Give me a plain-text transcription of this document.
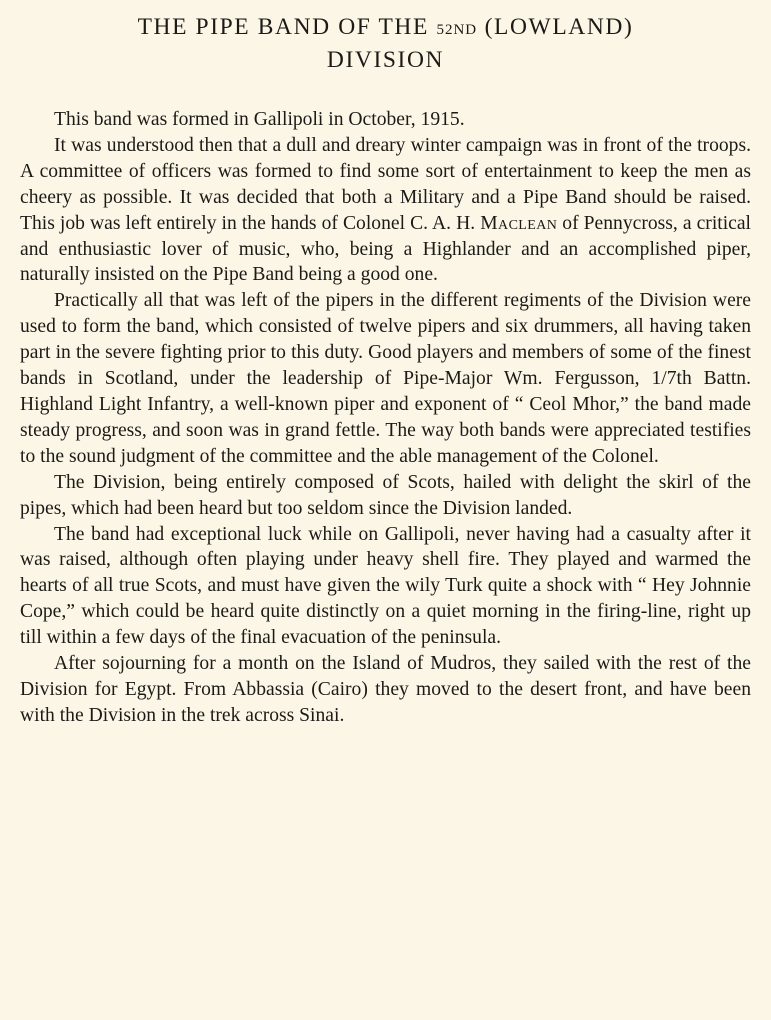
THE PIPE BAND OF THE 52ND (LOWLAND)
DIVISION

This band was formed in Gallipoli in October, 1915.

It was understood then that a dull and dreary winter campaign was in front of the troops. A committee of officers was formed to find some sort of entertainment to keep the men as cheery as possible. It was decided that both a Military and a Pipe Band should be raised. This job was left entirely in the hands of Colonel C. A. H. Maclean of Pennycross, a critical and enthusiastic lover of music, who, being a Highlander and an accomplished piper, naturally insisted on the Pipe Band being a good one.

Practically all that was left of the pipers in the different regiments of the Division were used to form the band, which consisted of twelve pipers and six drummers, all having taken part in the severe fighting prior to this duty. Good players and members of some of the finest bands in Scotland, under the leadership of Pipe-Major Wm. Fergusson, 1/7th Battn. Highland Light Infantry, a well-known piper and exponent of “ Ceol Mhor,” the band made steady progress, and soon was in grand fettle. The way both bands were appreciated testifies to the sound judgment of the committee and the able management of the Colonel.

The Division, being entirely composed of Scots, hailed with delight the skirl of the pipes, which had been heard but too seldom since the Division landed.

The band had exceptional luck while on Gallipoli, never having had a casualty after it was raised, although often playing under heavy shell fire. They played and warmed the hearts of all true Scots, and must have given the wily Turk quite a shock with “ Hey Johnnie Cope,” which could be heard quite distinctly on a quiet morning in the firing-line, right up till within a few days of the final evacuation of the peninsula.

After sojourning for a month on the Island of Mudros, they sailed with the rest of the Division for Egypt. From Abbassia (Cairo) they moved to the desert front, and have been with the Division in the trek across Sinai.
